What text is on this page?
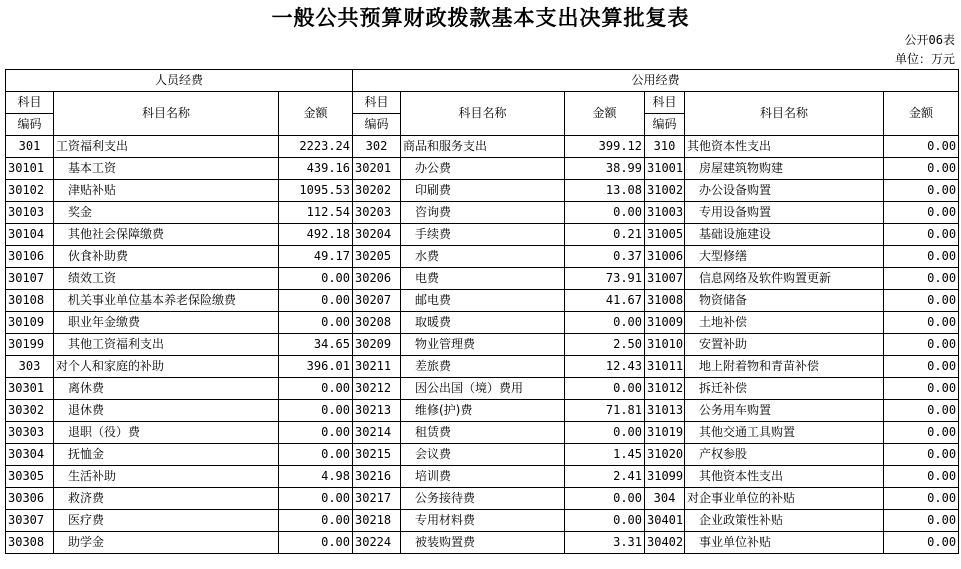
一般公共预算财政拨款基本支出决算批复表
公开06表
单位：万元
人员经费			公用经费					
科目	科目名称	金额	科目	科目名称	金额	科目	科目名称	金额
编码			编码			编码		
301	工资福利支出	2223.24	302	商品和服务支出	399.12	310	其他资本性支出	0.00
30101	基本工资	439.16	30201	办公费	38.99	31001	房屋建筑物购建	0.00
30102	津贴补贴	1095.53	30202	印刷费	13.08	31002	办公设备购置	0.00
30103	奖金	112.54	30203	咨询费	0.00	31003	专用设备购置	0.00
30104	其他社会保障缴费	492.18	30204	手续费	0.21	31005	基础设施建设	0.00
30106	伙食补助费	49.17	30205	水费	0.37	31006	大型修缮	0.00
30107	绩效工资	0.00	30206	电费	73.91	31007	信息网络及软件购置更新	0.00
30108	机关事业单位基本养老保险缴费	0.00	30207	邮电费	41.67	31008	物资储备	0.00
30109	职业年金缴费	0.00	30208	取暖费	0.00	31009	土地补偿	0.00
30199	其他工资福利支出	34.65	30209	物业管理费	2.50	31010	安置补助	0.00
303	对个人和家庭的补助	396.01	30211	差旅费	12.43	31011	地上附着物和青苗补偿	0.00
30301	离休费	0.00	30212	因公出国（境）费用	0.00	31012	拆迁补偿	0.00
30302	退休费	0.00	30213	维修(护)费	71.81	31013	公务用车购置	0.00
30303	退职（役）费	0.00	30214	租赁费	0.00	31019	其他交通工具购置	0.00
30304	抚恤金	0.00	30215	会议费	1.45	31020	产权参股	0.00
30305	生活补助	4.98	30216	培训费	2.41	31099	其他资本性支出	0.00
30306	救济费	0.00	30217	公务接待费	0.00	304	对企事业单位的补贴	0.00
30307	医疗费	0.00	30218	专用材料费	0.00	30401	企业政策性补贴	0.00
30308	助学金	0.00	30224	被装购置费	3.31	30402	事业单位补贴	0.00
